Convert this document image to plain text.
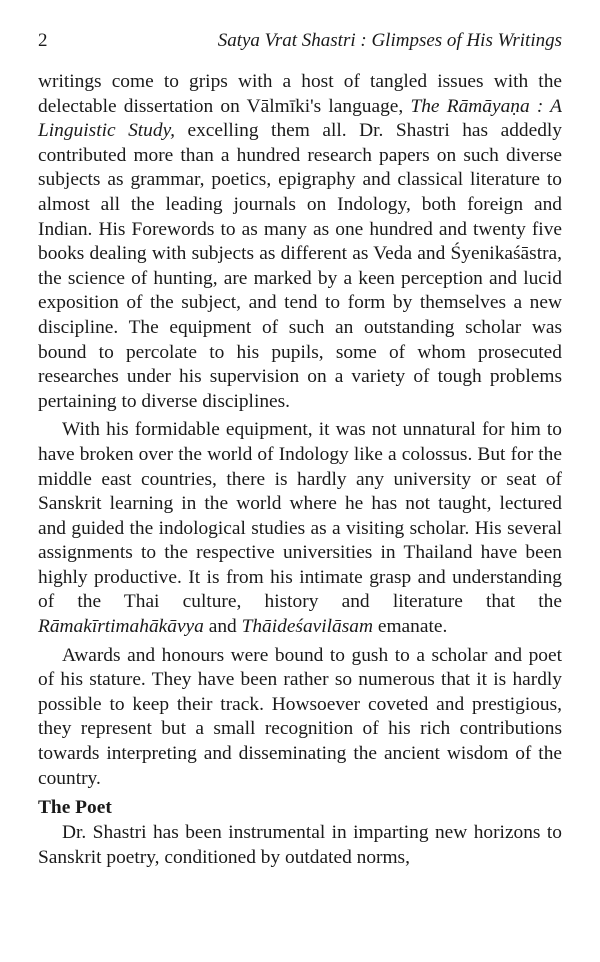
2	Satya Vrat Shastri : Glimpses of His Writings

writings come to grips with a host of tangled issues with the delectable dissertation on Vālmīki's language, The Rāmāyaṇa : A Linguistic Study, excelling them all. Dr. Shastri has addedly contributed more than a hundred research papers on such diverse subjects as grammar, poetics, epigraphy and classical literature to almost all the leading journals on Indology, both foreign and Indian. His Forewords to as many as one hundred and twenty five books dealing with subjects as different as Veda and Śyenikaśāstra, the science of hunting, are marked by a keen perception and lucid exposition of the subject, and tend to form by themselves a new discipline. The equipment of such an outstanding scholar was bound to percolate to his pupils, some of whom prosecuted researches under his supervision on a variety of tough problems pertaining to diverse disciplines.

With his formidable equipment, it was not unnatural for him to have broken over the world of Indology like a colossus. But for the middle east countries, there is hardly any university or seat of Sanskrit learning in the world where he has not taught, lectured and guided the indological studies as a visiting scholar. His several assignments to the respective universities in Thailand have been highly productive. It is from his intimate grasp and understanding of the Thai culture, history and literature that the Rāmakīrtimahākāvya and Thāideśavilāsam emanate.

Awards and honours were bound to gush to a scholar and poet of his stature. They have been rather so numerous that it is hardly possible to keep their track. Howsoever coveted and prestigious, they represent but a small recognition of his rich contributions towards interpreting and disseminating the ancient wisdom of the country.

The Poet

Dr. Shastri has been instrumental in imparting new horizons to Sanskrit poetry, conditioned by outdated norms,
